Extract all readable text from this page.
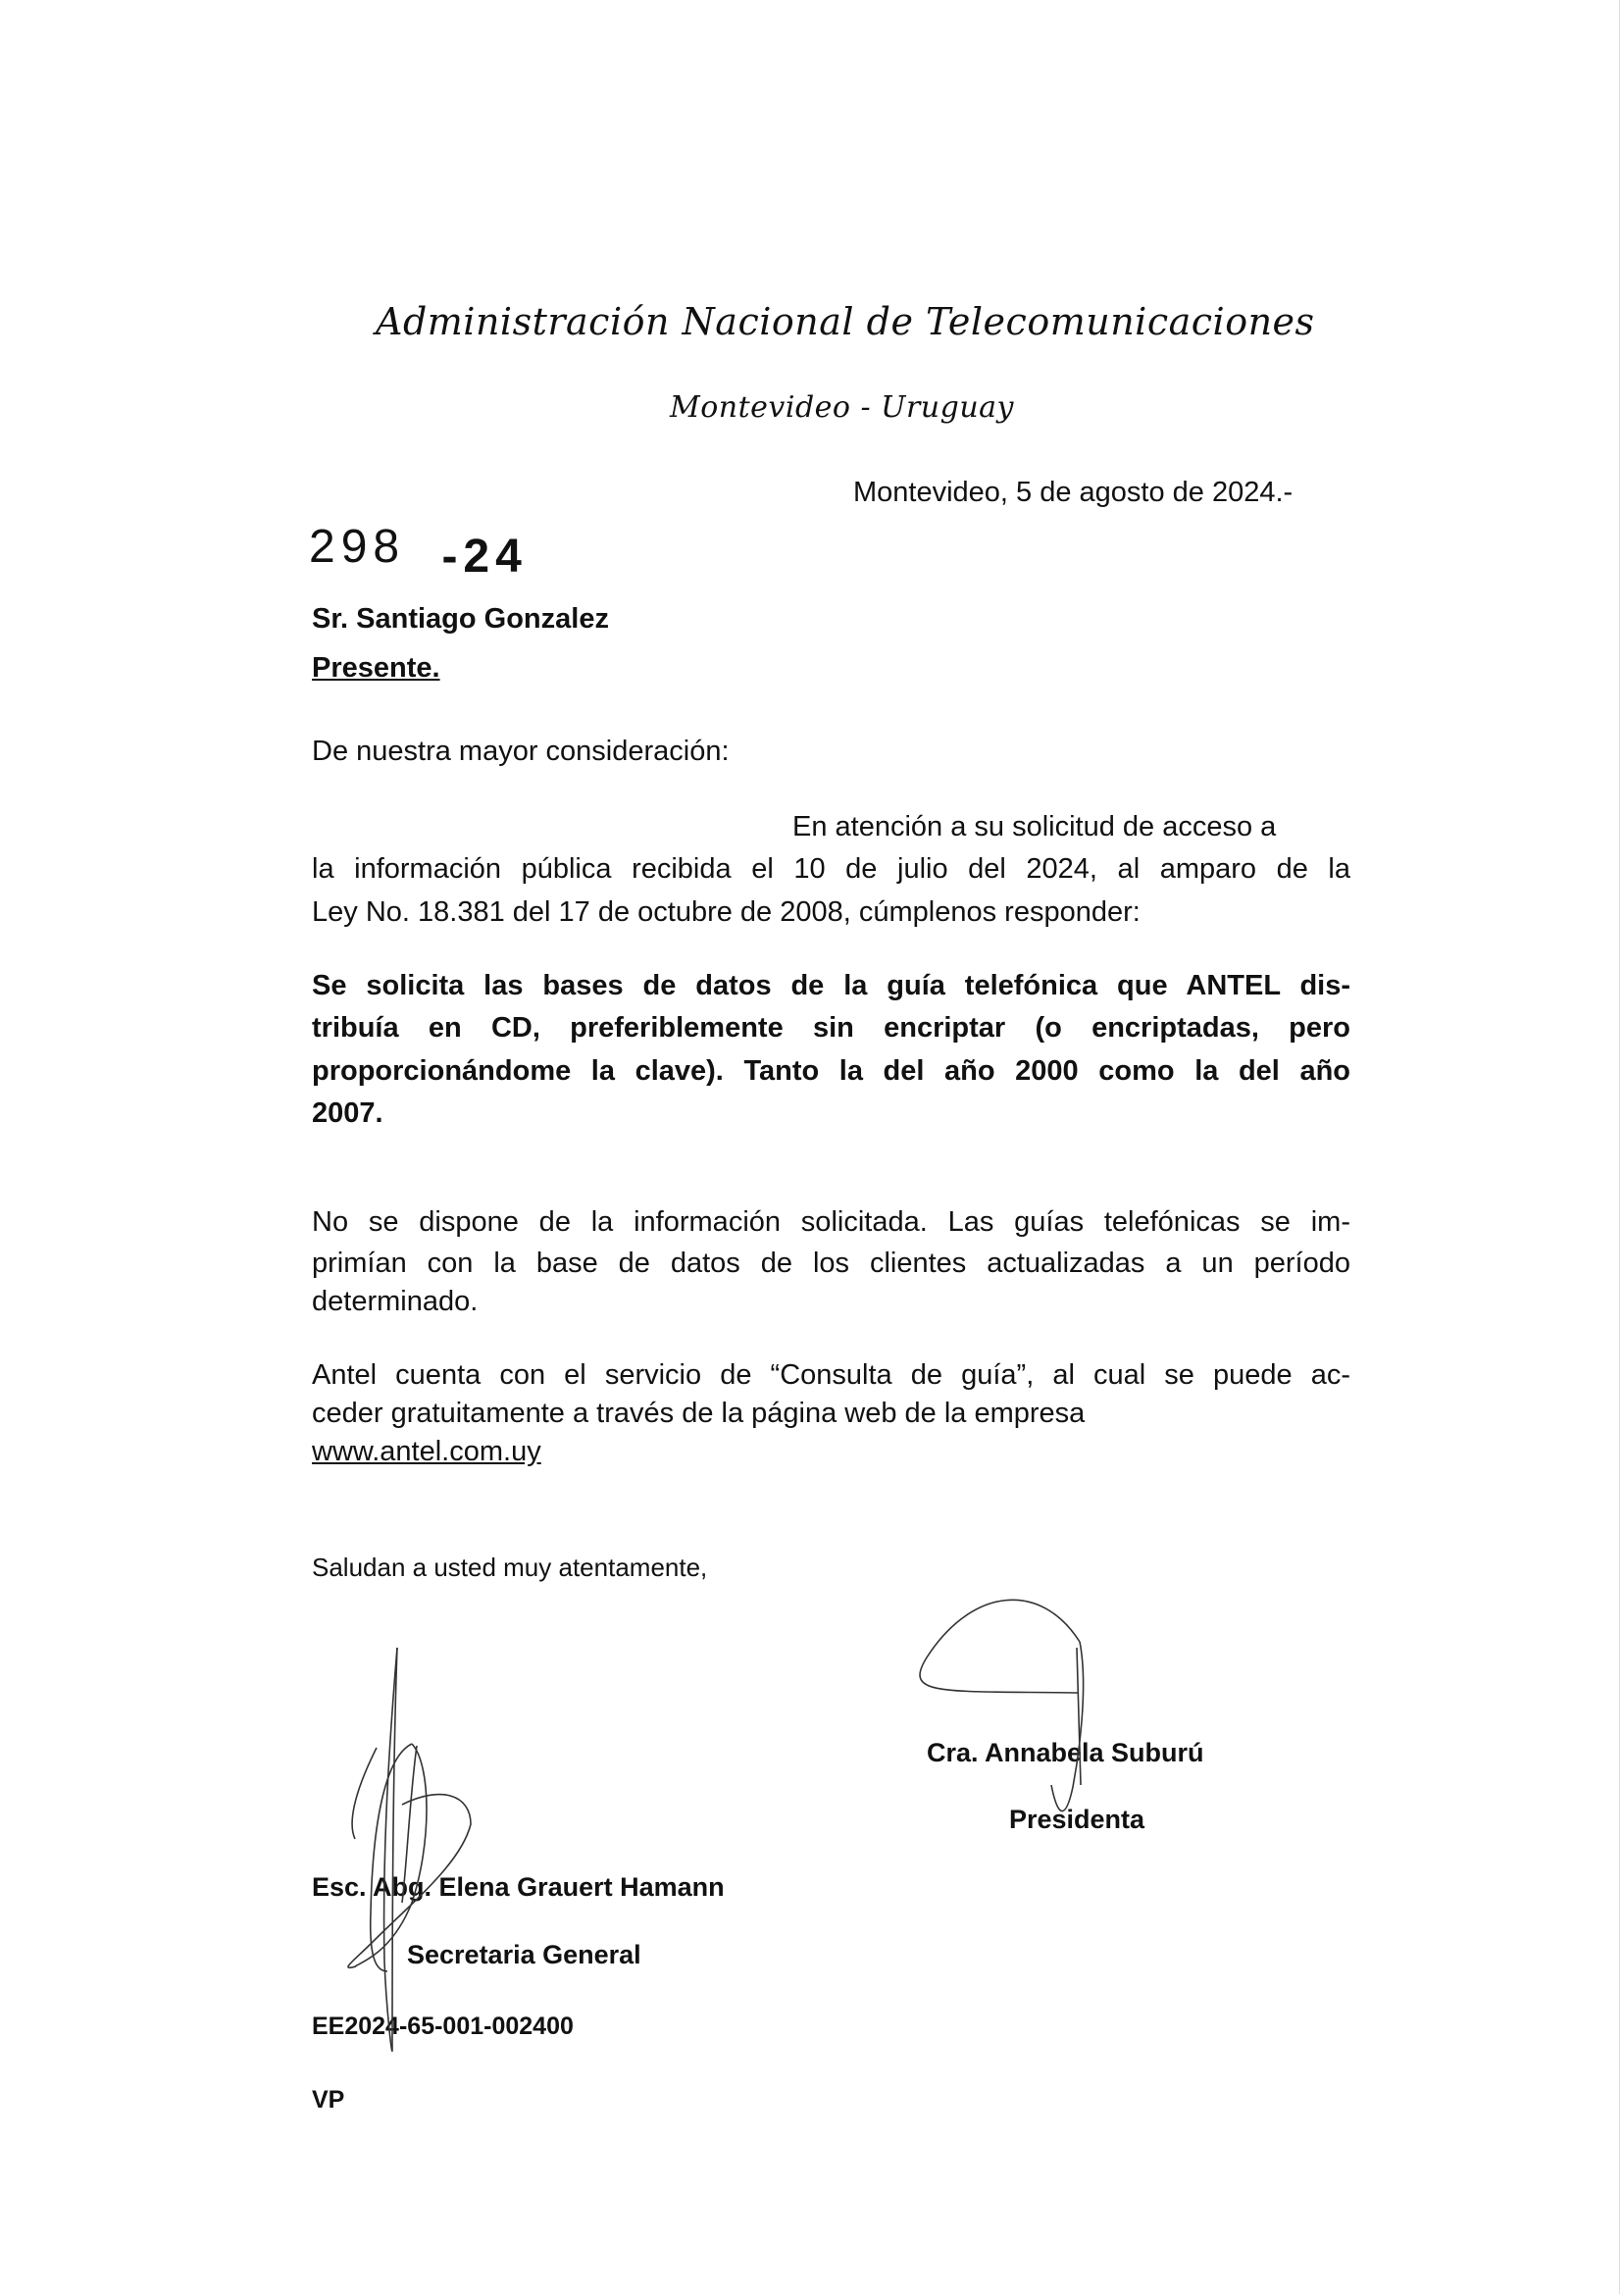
Administración Nacional de Telecomunicaciones
Montevideo - Uruguay
Montevideo, 5 de agosto de 2024.-
298 -24
Sr. Santiago Gonzalez
Presente.
De nuestra mayor consideración:
En atención a su solicitud de acceso a
la información pública recibida el 10 de julio del 2024, al amparo de la
Ley No. 18.381 del 17 de octubre de 2008, cúmplenos responder:
Se solicita las bases de datos de la guía telefónica que ANTEL dis-
tribuía en CD, preferiblemente sin encriptar (o encriptadas, pero
proporcionándome la clave). Tanto la del año 2000 como la del año
2007.
No se dispone de la información solicitada. Las guías telefónicas se im-
primían con la base de datos de los clientes actualizadas a un período
determinado.
Antel cuenta con el servicio de “Consulta de guía”, al cual se puede ac-
ceder gratuitamente a través de la página web de la empresa
www.antel.com.uy
Saludan a usted muy atentamente,
Cra. Annabela Suburú
Presidenta
Esc. Abg. Elena Grauert Hamann
Secretaria General
EE2024-65-001-002400
VP
